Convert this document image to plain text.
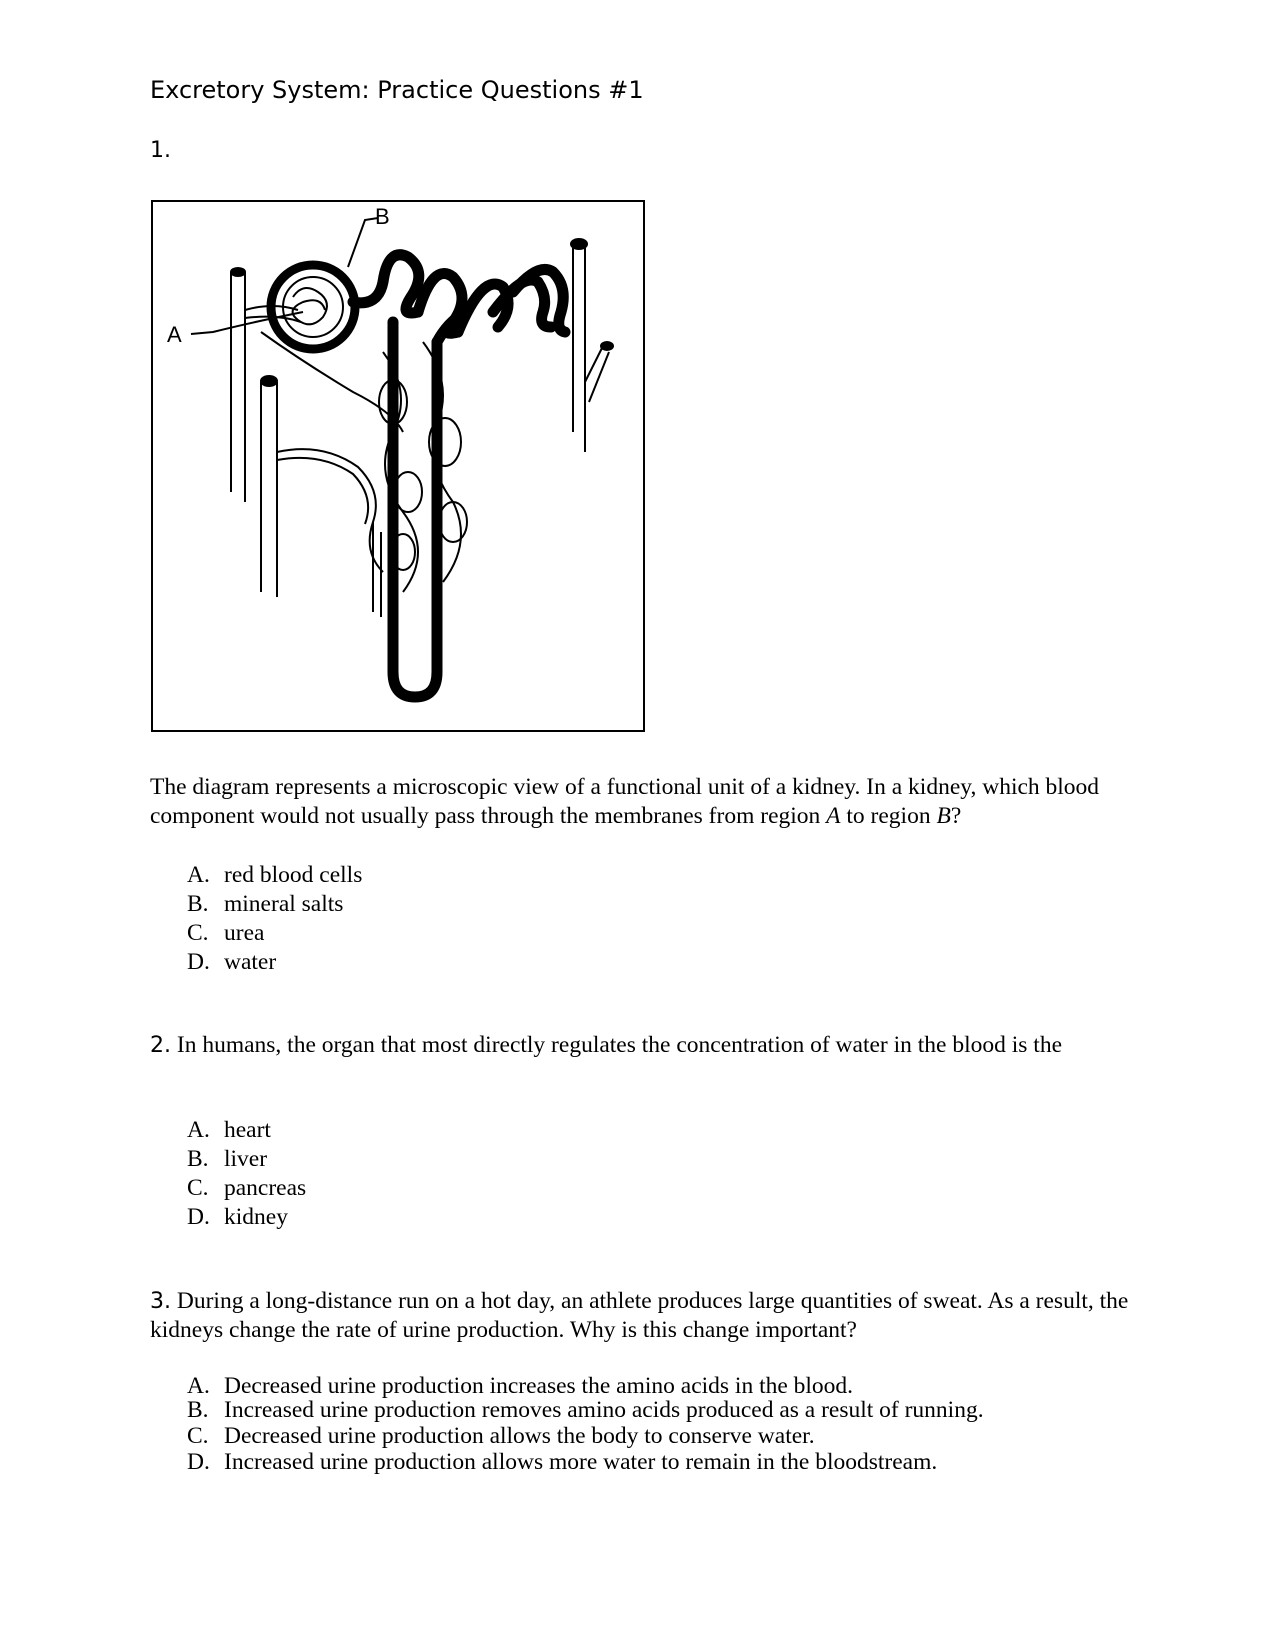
Excretory System: Practice Questions #1
1.
A
B

The diagram represents a microscopic view of a functional unit of a kidney. In a kidney, which blood component would not usually pass through the membranes from region A to region B?

A. red blood cells
B. mineral salts
C. urea
D. water

2. In humans, the organ that most directly regulates the concentration of water in the blood is the

A. heart
B. liver
C. pancreas
D. kidney

3. During a long-distance run on a hot day, an athlete produces large quantities of sweat. As a result, the kidneys change the rate of urine production. Why is this change important?

A. Decreased urine production increases the amino acids in the blood.
B. Increased urine production removes amino acids produced as a result of running.
C. Decreased urine production allows the body to conserve water.
D. Increased urine production allows more water to remain in the bloodstream.
